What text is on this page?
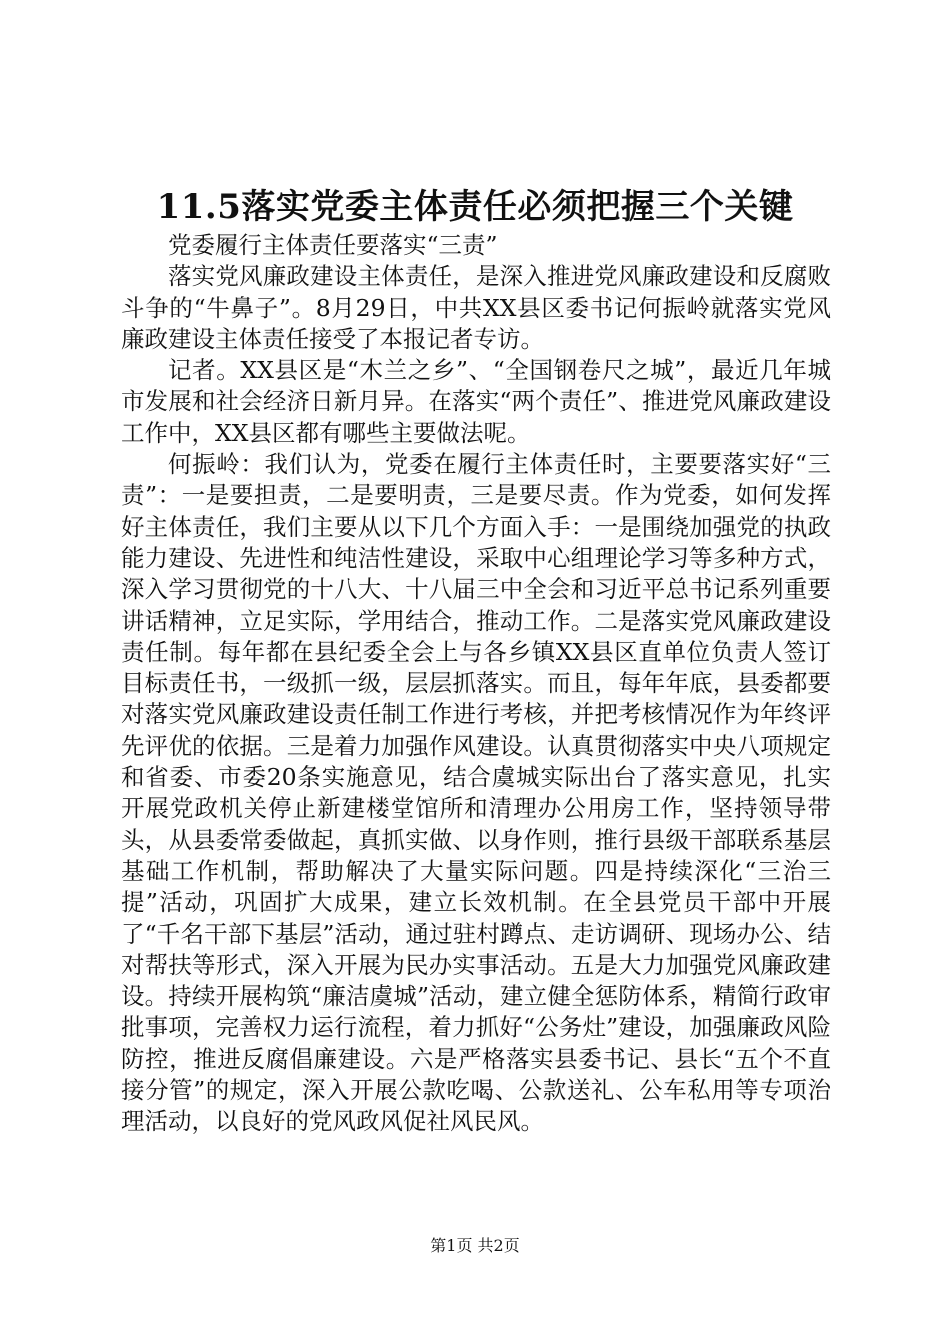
11.5落实党委主体责任必须把握三个关键

党委履行主体责任要落实“三责”

落实党风廉政建设主体责任，是深入推进党风廉政建设和反腐败斗争的“牛鼻子”。8月29日，中共XX县区委书记何振岭就落实党风廉政建设主体责任接受了本报记者专访。

记者。XX县区是“木兰之乡”、“全国钢卷尺之城”，最近几年城市发展和社会经济日新月异。在落实“两个责任”、推进党风廉政建设工作中，XX县区都有哪些主要做法呢。

何振岭：我们认为，党委在履行主体责任时，主要要落实好“三责”：一是要担责，二是要明责，三是要尽责。作为党委，如何发挥好主体责任，我们主要从以下几个方面入手：一是围绕加强党的执政能力建设、先进性和纯洁性建设，采取中心组理论学习等多种方式，深入学习贯彻党的十八大、十八届三中全会和习近平总书记系列重要讲话精神，立足实际，学用结合，推动工作。二是落实党风廉政建设责任制。每年都在县纪委全会上与各乡镇XX县区直单位负责人签订目标责任书，一级抓一级，层层抓落实。而且，每年年底，县委都要对落实党风廉政建设责任制工作进行考核，并把考核情况作为年终评先评优的依据。三是着力加强作风建设。认真贯彻落实中央八项规定和省委、市委20条实施意见，结合虞城实际出台了落实意见，扎实开展党政机关停止新建楼堂馆所和清理办公用房工作，坚持领导带头，从县委常委做起，真抓实做、以身作则，推行县级干部联系基层基础工作机制，帮助解决了大量实际问题。四是持续深化“三治三提”活动，巩固扩大成果，建立长效机制。在全县党员干部中开展了“千名干部下基层”活动，通过驻村蹲点、走访调研、现场办公、结对帮扶等形式，深入开展为民办实事活动。五是大力加强党风廉政建设。持续开展构筑“廉洁虞城”活动，建立健全惩防体系，精简行政审批事项，完善权力运行流程，着力抓好“公务灶”建设，加强廉政风险防控，推进反腐倡廉建设。六是严格落实县委书记、县长“五个不直接分管”的规定，深入开展公款吃喝、公款送礼、公车私用等专项治理活动，以良好的党风政风促社风民风。

第1页 共2页
